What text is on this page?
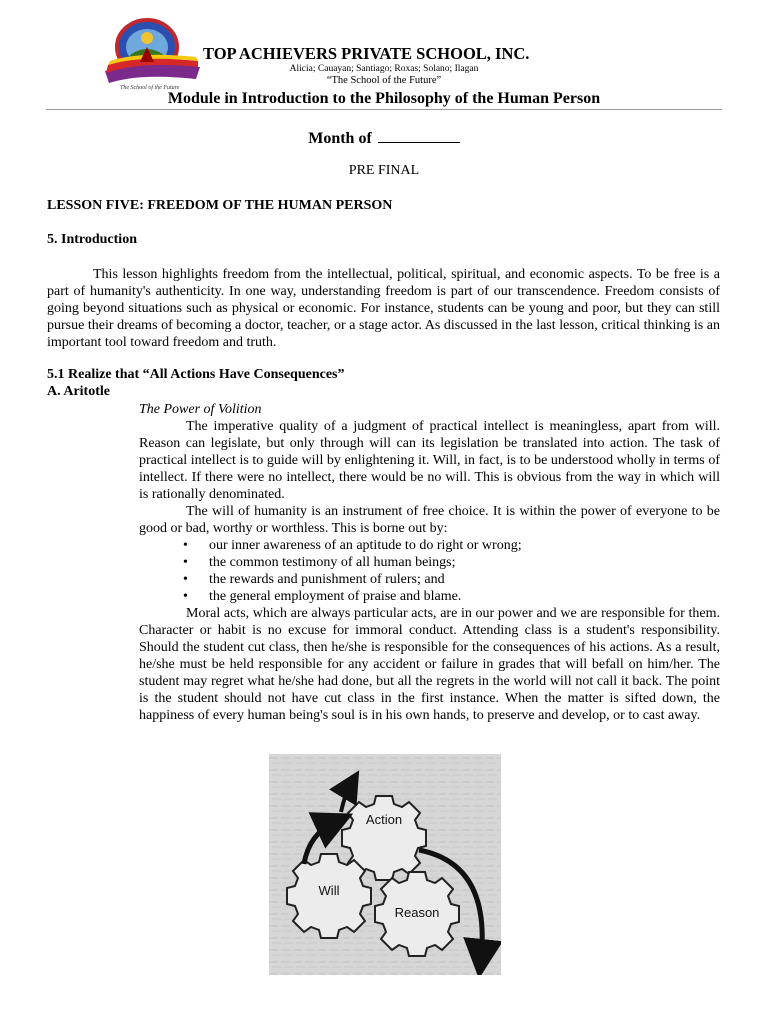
The School of the Future
TOP ACHIEVERS PRIVATE SCHOOL, INC.
Alicia; Cauayan; Santiago; Roxas; Solano; Ilagan
“The School of the Future”
Module in Introduction to the Philosophy of the Human Person
Month of
PRE FINAL
LESSON FIVE: FREEDOM OF THE HUMAN PERSON
5. Introduction

This lesson highlights freedom from the intellectual, political, spiritual, and economic aspects. To be free is a part of humanity's authenticity. In one way, understanding freedom is part of our transcendence. Freedom consists of going beyond situations such as physical or economic. For instance, students can be young and poor, but they can still pursue their dreams of becoming a doctor, teacher, or a stage actor. As discussed in the last lesson, critical thinking is an important tool toward freedom and truth.

5.1 Realize that “All Actions Have Consequences”
A. Aritotle

The Power of Volition

The imperative quality of a judgment of practical intellect is meaningless, apart from will. Reason can legislate, but only through will can its legislation be translated into action. The task of practical intellect is to guide will by enlightening it. Will, in fact, is to be understood wholly in terms of intellect. If there were no intellect, there would be no will. This is obvious from the way in which will is rationally denominated.

The will of humanity is an instrument of free choice. It is within the power of everyone to be good or bad, worthy or worthless. This is borne out by:

• our inner awareness of an aptitude to do right or wrong;
• the common testimony of all human beings;
• the rewards and punishment of rulers; and
• the general employment of praise and blame.

Moral acts, which are always particular acts, are in our power and we are responsible for them. Character or habit is no excuse for immoral conduct. Attending class is a student's responsibility. Should the student cut class, then he/she is responsible for the consequences of his actions. As a result, he/she must be held responsible for any accident or failure in grades that will befall on him/her. The student may regret what he/she had done, but all the regrets in the world will not call it back. The point is the student should not have cut class in the first instance. When the matter is sifted down, the happiness of every human being's soul is in his own hands, to preserve and develop, or to cast away.

Action
Will
Reason
